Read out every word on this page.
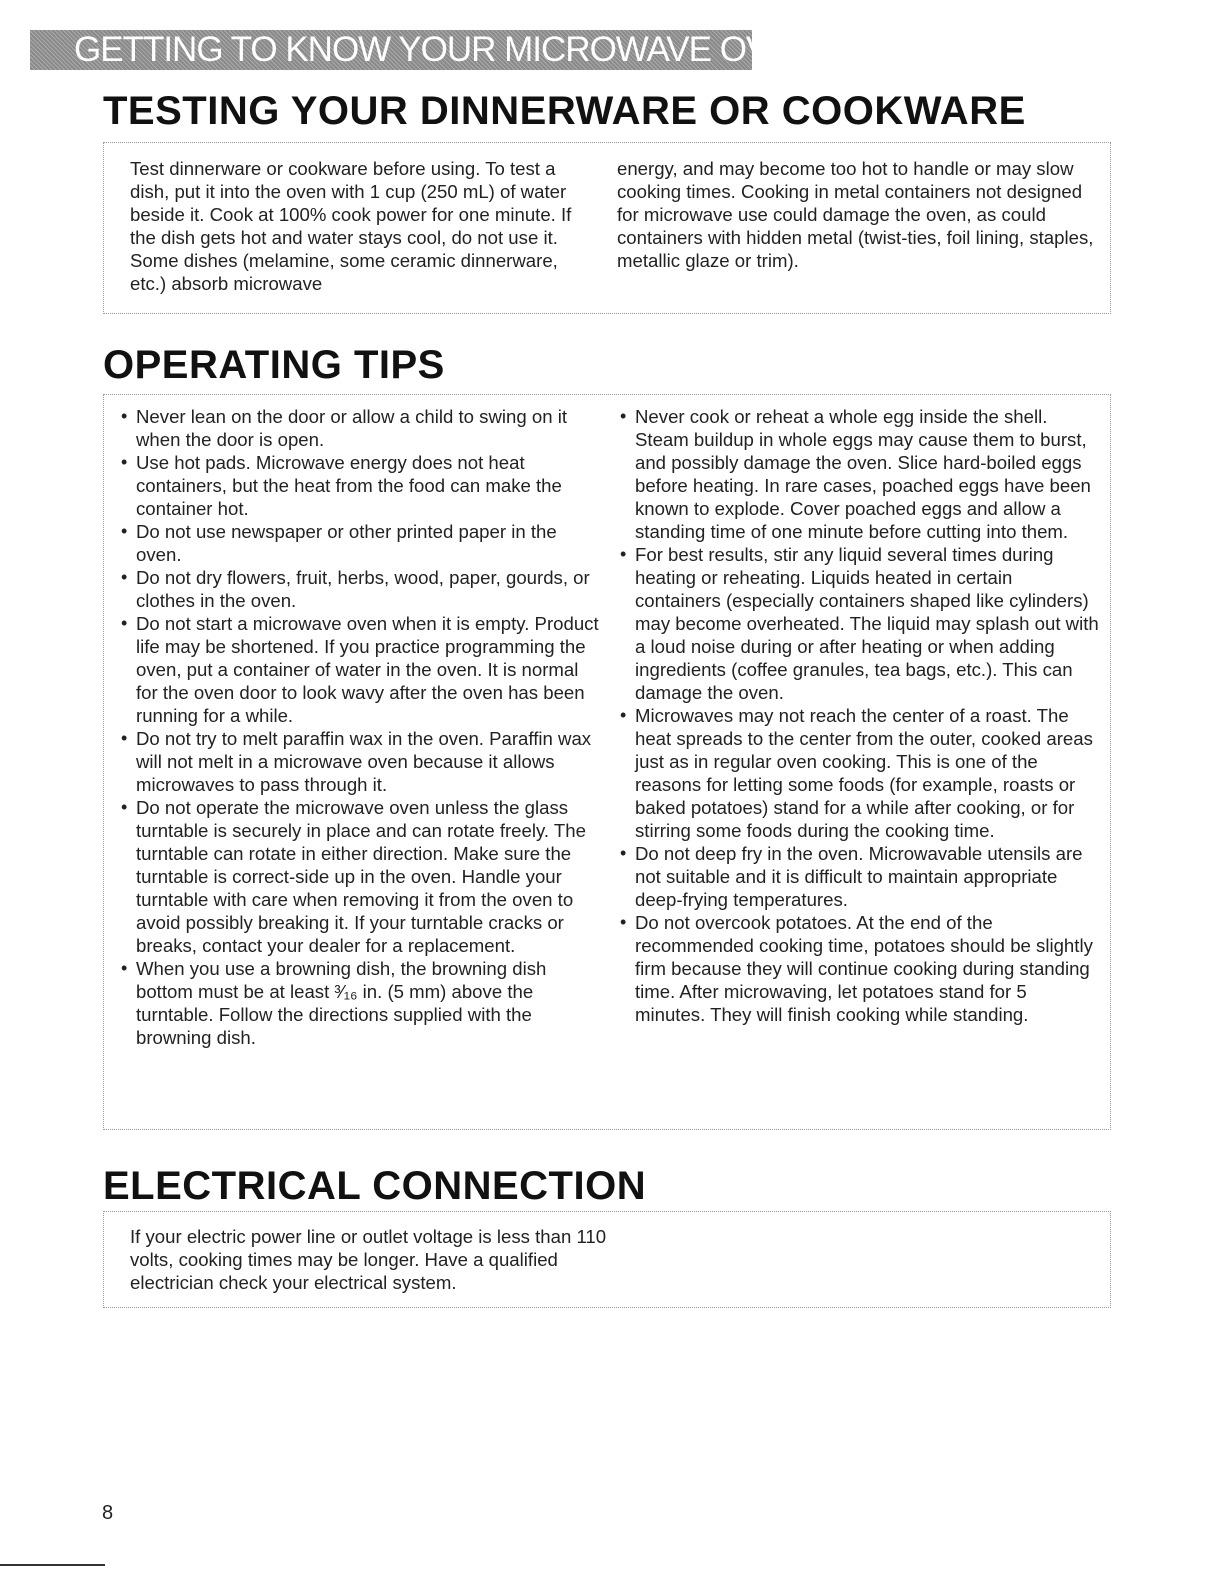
GETTING TO KNOW YOUR MICROWAVE OVEN
TESTING YOUR DINNERWARE OR COOKWARE

Test dinnerware or cookware before using. To test a dish, put it into the oven with 1 cup (250 mL) of water beside it. Cook at 100% cook power for one minute. If the dish gets hot and water stays cool, do not use it. Some dishes (melamine, some ceramic dinnerware, etc.) absorb microwave

energy, and may become too hot to handle or may slow cooking times. Cooking in metal containers not designed for microwave use could damage the oven, as could containers with hidden metal (twist-ties, foil lining, staples, metallic glaze or trim).

OPERATING TIPS
• Never lean on the door or allow a child to swing on it when the door is open.
• Use hot pads. Microwave energy does not heat containers, but the heat from the food can make the container hot.
• Do not use newspaper or other printed paper in the oven.
• Do not dry flowers, fruit, herbs, wood, paper, gourds, or clothes in the oven.
• Do not start a microwave oven when it is empty. Product life may be shortened. If you practice programming the oven, put a container of water in the oven. It is normal for the oven door to look wavy after the oven has been running for a while.
• Do not try to melt paraffin wax in the oven. Paraffin wax will not melt in a microwave oven because it allows microwaves to pass through it.
• Do not operate the microwave oven unless the glass turntable is securely in place and can rotate freely. The turntable can rotate in either direction. Make sure the turntable is correct-side up in the oven. Handle your turntable with care when removing it from the oven to avoid possibly breaking it. If your turntable cracks or breaks, contact your dealer for a replacement.
• When you use a browning dish, the browning dish bottom must be at least ³⁄₁₆ in. (5 mm) above the turntable. Follow the directions supplied with the browning dish.
• Never cook or reheat a whole egg inside the shell. Steam buildup in whole eggs may cause them to burst, and possibly damage the oven. Slice hard-boiled eggs before heating. In rare cases, poached eggs have been known to explode. Cover poached eggs and allow a standing time of one minute before cutting into them.
• For best results, stir any liquid several times during heating or reheating. Liquids heated in certain containers (especially containers shaped like cylinders) may become overheated. The liquid may splash out with a loud noise during or after heating or when adding ingredients (coffee granules, tea bags, etc.). This can damage the oven.
• Microwaves may not reach the center of a roast. The heat spreads to the center from the outer, cooked areas just as in regular oven cooking. This is one of the reasons for letting some foods (for example, roasts or baked potatoes) stand for a while after cooking, or for stirring some foods during the cooking time.
• Do not deep fry in the oven. Microwavable utensils are not suitable and it is difficult to maintain appropriate deep-frying temperatures.
• Do not overcook potatoes. At the end of the recommended cooking time, potatoes should be slightly firm because they will continue cooking during standing time. After microwaving, let potatoes stand for 5 minutes. They will finish cooking while standing.
ELECTRICAL CONNECTION

If your electric power line or outlet voltage is less than 110 volts, cooking times may be longer. Have a qualified electrician check your electrical system.

8
